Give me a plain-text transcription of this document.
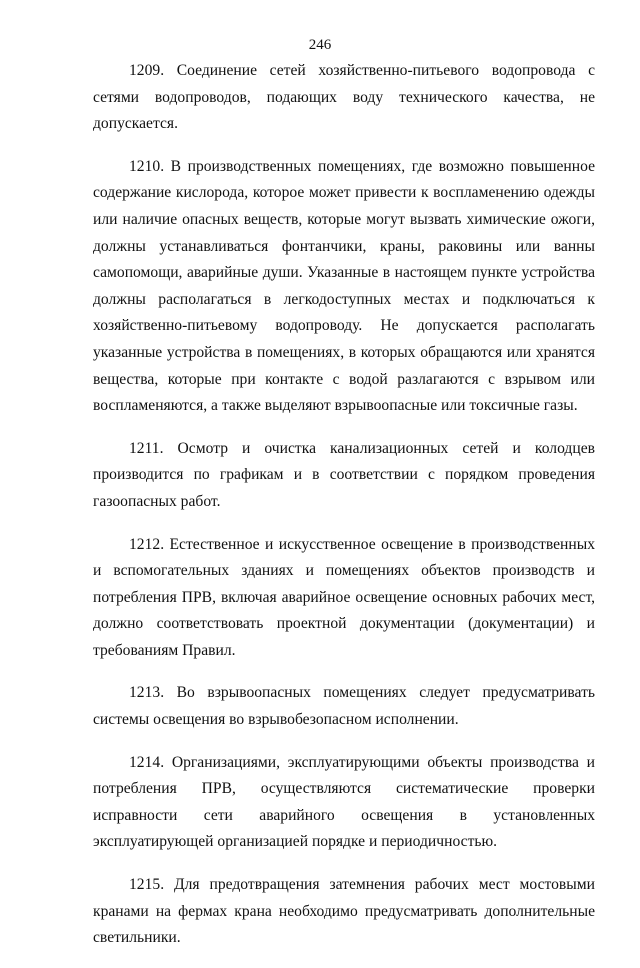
246

1209. Соединение сетей хозяйственно-питьевого водопровода с сетями водопроводов, подающих воду технического качества, не допускается.

1210. В производственных помещениях, где возможно повышенное содержание кислорода, которое может привести к воспламенению одежды или наличие опасных веществ, которые могут вызвать химические ожоги, должны устанавливаться фонтанчики, краны, раковины или ванны самопомощи, аварийные души. Указанные в настоящем пункте устройства должны располагаться в легкодоступных местах и подключаться к хозяйственно-питьевому водопроводу. Не допускается располагать указанные устройства в помещениях, в которых обращаются или хранятся вещества, которые при контакте с водой разлагаются с взрывом или воспламеняются, а также выделяют взрывоопасные или токсичные газы.

1211. Осмотр и очистка канализационных сетей и колодцев производится по графикам и в соответствии с порядком проведения газоопасных работ.

1212. Естественное и искусственное освещение в производственных и вспомогательных зданиях и помещениях объектов производств и потребления ПРВ, включая аварийное освещение основных рабочих мест, должно соответствовать проектной документации (документации) и требованиям Правил.

1213. Во взрывоопасных помещениях следует предусматривать системы освещения во взрывобезопасном исполнении.

1214. Организациями, эксплуатирующими объекты производства и потребления ПРВ, осуществляются систематические проверки исправности сети аварийного освещения в установленных эксплуатирующей организацией порядке и периодичностью.

1215. Для предотвращения затемнения рабочих мест мостовыми кранами на фермах крана необходимо предусматривать дополнительные светильники.
